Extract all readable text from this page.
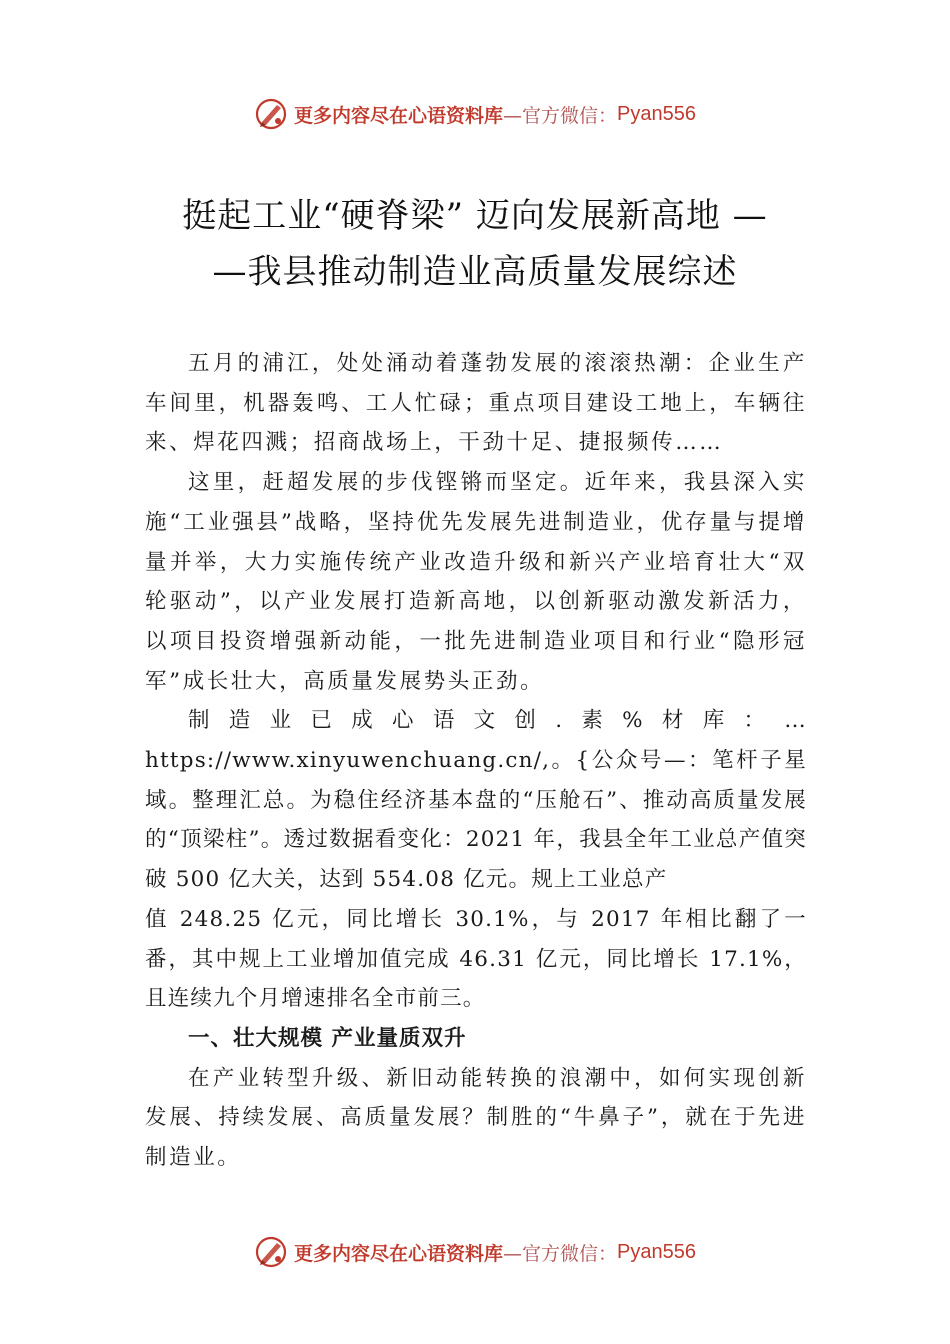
更多内容尽在心语资料库 —官方微信： Pyan556
挺起工业“硬脊梁” 迈向发展新高地 —
—我县推动制造业高质量发展综述

五月的浦江，处处涌动着蓬勃发展的滚滚热潮：企业生产车间里，机器轰鸣、工人忙碌；重点项目建设工地上，车辆往来、焊花四溅；招商战场上，干劲十足、捷报频传……

这里，赶超发展的步伐铿锵而坚定。近年来，我县深入实施“工业强县”战略，坚持优先发展先进制造业，优存量与提增量并举，大力实施传统产业改造升级和新兴产业培育壮大“双轮驱动”，以产业发展打造新高地，以创新驱动激发新活力，以项目投资增强新动能，一批先进制造业项目和行业“隐形冠军”成长壮大，高质量发展势头正劲。

制造业已成心语文创.素%材库：…https://www.xinyuwenchuang.cn/,。{公众号—：笔杆子星域。整理汇总。为稳住经济基本盘的“压舱石”、推动高质量发展的“顶梁柱”。透过数据看变化：2021 年，我县全年工业总产值突破 500 亿大关，达到 554.08 亿元。规上工业总产

值 248.25 亿元，同比增长 30.1%，与 2017 年相比翻了一番，其中规上工业增加值完成 46.31 亿元，同比增长 17.1%，且连续九个月增速排名全市前三。

一、壮大规模 产业量质双升

在产业转型升级、新旧动能转换的浪潮中，如何实现创新发展、持续发展、高质量发展？制胜的“牛鼻子”，就在于先进制造业。

更多内容尽在心语资料库 —官方微信： Pyan556
